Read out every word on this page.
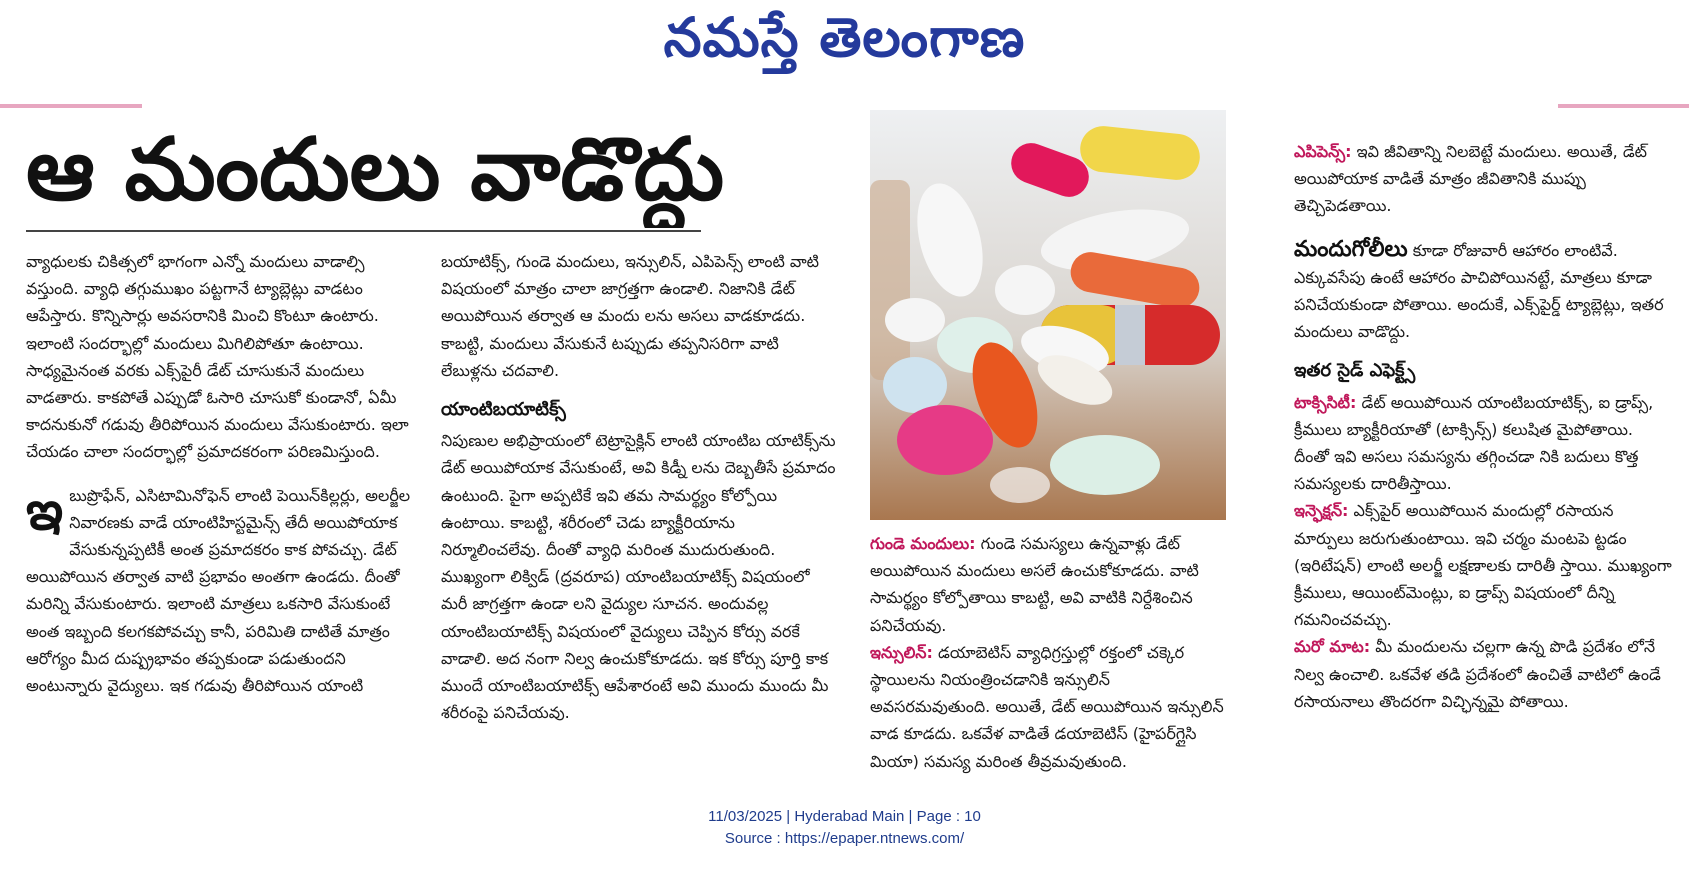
నమస్తే తెలంగాణ
ఆ మందులు వాడొద్దు

వ్యాధులకు చికిత్సలో భాగంగా ఎన్నో మందులు వాడాల్సి వస్తుంది. వ్యాధి తగ్గుముఖం పట్టగానే ట్యాబ్లెట్లు వాడటం ఆపేస్తారు. కొన్నిసార్లు అవసరానికి మించి కొంటూ ఉంటారు. ఇలాంటి సందర్భాల్లో మందులు మిగిలిపోతూ ఉంటాయి. సాధ్యమైనంత వరకు ఎక్స్‌పైరీ డేట్ చూసుకునే మందులు వాడతారు. కాకపోతే ఎప్పుడో ఓసారి చూసుకో కుండానో, ఏమీ కాదనుకునో గడువు తీరిపోయిన మందులు వేసుకుంటారు. ఇలా చేయడం చాలా సందర్భాల్లో ప్రమాదకరంగా పరిణమిస్తుంది.

ఇబుప్రొఫేన్, ఎసిటామినోఫెన్ లాంటి పెయిన్‌కిల్లర్లు, అలర్జీల నివారణకు వాడే యాంటిహిస్టమైన్స్ తేదీ అయిపోయాక వేసుకున్నప్పటికీ అంత ప్రమాదకరం కాక పోవచ్చు. డేట్ అయిపోయిన తర్వాత వాటి ప్రభావం అంతగా ఉండదు. దీంతో మరిన్ని వేసుకుంటారు. ఇలాంటి మాత్రలు ఒకసారి వేసుకుంటే అంత ఇబ్బంది కలగకపోవచ్చు కానీ, పరిమితి దాటితే మాత్రం ఆరోగ్యం మీద దుష్ప్రభావం తప్పకుండా పడుతుందని అంటున్నారు వైద్యులు. ఇక గడువు తీరిపోయిన యాంటి

బయాటిక్స్, గుండె మందులు, ఇన్సులిన్, ఎపిపెన్స్ లాంటి వాటి విషయంలో మాత్రం చాలా జాగ్రత్తగా ఉండాలి. నిజానికి డేట్ అయిపోయిన తర్వాత ఆ మందు లను అసలు వాడకూడదు. కాబట్టి, మందులు వేసుకునే టప్పుడు తప్పనిసరిగా వాటి లేబుళ్లను చదవాలి.

యాంటిబయాటిక్స్

నిపుణుల అభిప్రాయంలో టెట్రాసైక్లిన్ లాంటి యాంటిబ యాటిక్స్‌ను డేట్ అయిపోయాక వేసుకుంటే, అవి కిడ్నీ లను దెబ్బతీసే ప్రమాదం ఉంటుంది. పైగా అప్పటికే ఇవి తమ సామర్థ్యం కోల్పోయి ఉంటాయి. కాబట్టి, శరీరంలో చెడు బ్యాక్టీరియాను నిర్మూలించలేవు. దీంతో వ్యాధి మరింత ముదురుతుంది. ముఖ్యంగా లిక్విడ్ (ద్రవరూప) యాంటిబయాటిక్స్ విషయంలో మరీ జాగ్రత్తగా ఉండా లని వైద్యుల సూచన. అందువల్ల యాంటిబయాటిక్స్ విషయంలో వైద్యులు చెప్పిన కోర్సు వరకే వాడాలి. అద నంగా నిల్వ ఉంచుకోకూడదు. ఇక కోర్సు పూర్తి కాక ముందే యాంటిబయాటిక్స్ ఆపేశారంటే అవి ముందు ముందు మీ శరీరంపై పనిచేయవు.

గుండె మందులు: గుండె సమస్యలు ఉన్నవాళ్లు డేట్ అయిపోయిన మందులు అసలే ఉంచుకోకూడదు. వాటి సామర్థ్యం కోల్పోతాయి కాబట్టి, అవి వాటికి నిర్దేశించిన పనిచేయవు.

ఇన్సులిన్: డయాబెటిస్ వ్యాధిగ్రస్తుల్లో రక్తంలో చక్కెర స్థాయిలను నియంత్రించడానికి ఇన్సులిన్ అవసరమవుతుంది. అయితే, డేట్ అయిపోయిన ఇన్సులిన్ వాడ కూడదు. ఒకవేళ వాడితే డయాబెటిస్ (హైపర్‌గ్లైసి మియా) సమస్య మరింత తీవ్రమవుతుంది.

ఎపిపెన్స్: ఇవి జీవితాన్ని నిలబెట్టే మందులు. అయితే, డేట్ అయిపోయాక వాడితే మాత్రం జీవితానికి ముప్పు తెచ్చిపెడతాయి.

మందుగోలీలు కూడా రోజువారీ ఆహారం లాంటివే. ఎక్కువసేపు ఉంటే ఆహారం పాచిపోయినట్టే, మాత్రలు కూడా పనిచేయకుండా పోతాయి. అందుకే, ఎక్స్‌పైర్డ్ ట్యాబ్లెట్లు, ఇతర మందులు వాడొద్దు.

ఇతర సైడ్ ఎఫెక్ట్స్

టాక్సిసిటీ: డేట్ అయిపోయిన యాంటిబయాటిక్స్, ఐ డ్రాప్స్, క్రీములు బ్యాక్టీరియాతో (టాక్సిన్స్) కలుషిత మైపోతాయి. దీంతో ఇవి అసలు సమస్యను తగ్గించడా నికి బదులు కొత్త సమస్యలకు దారితీస్తాయి.

ఇన్ఫెక్షన్: ఎక్స్‌పైర్ అయిపోయిన మందుల్లో రసాయన మార్పులు జరుగుతుంటాయి. ఇవి చర్మం మంటపె ట్టడం (ఇరిటేషన్) లాంటి అలర్జీ లక్షణాలకు దారితీ స్తాయి. ముఖ్యంగా క్రీములు, ఆయింట్‌మెంట్లు, ఐ డ్రాప్స్ విషయంలో దీన్ని గమనించవచ్చు.

మరో మాట: మీ మందులను చల్లగా ఉన్న పొడి ప్రదేశం లోనే నిల్వ ఉంచాలి. ఒకవేళ తడి ప్రదేశంలో ఉంచితే వాటిలో ఉండే రసాయనాలు తొందరగా విచ్ఛిన్నమై పోతాయి.

11/03/2025 | Hyderabad Main | Page : 10
Source : https://epaper.ntnews.com/
